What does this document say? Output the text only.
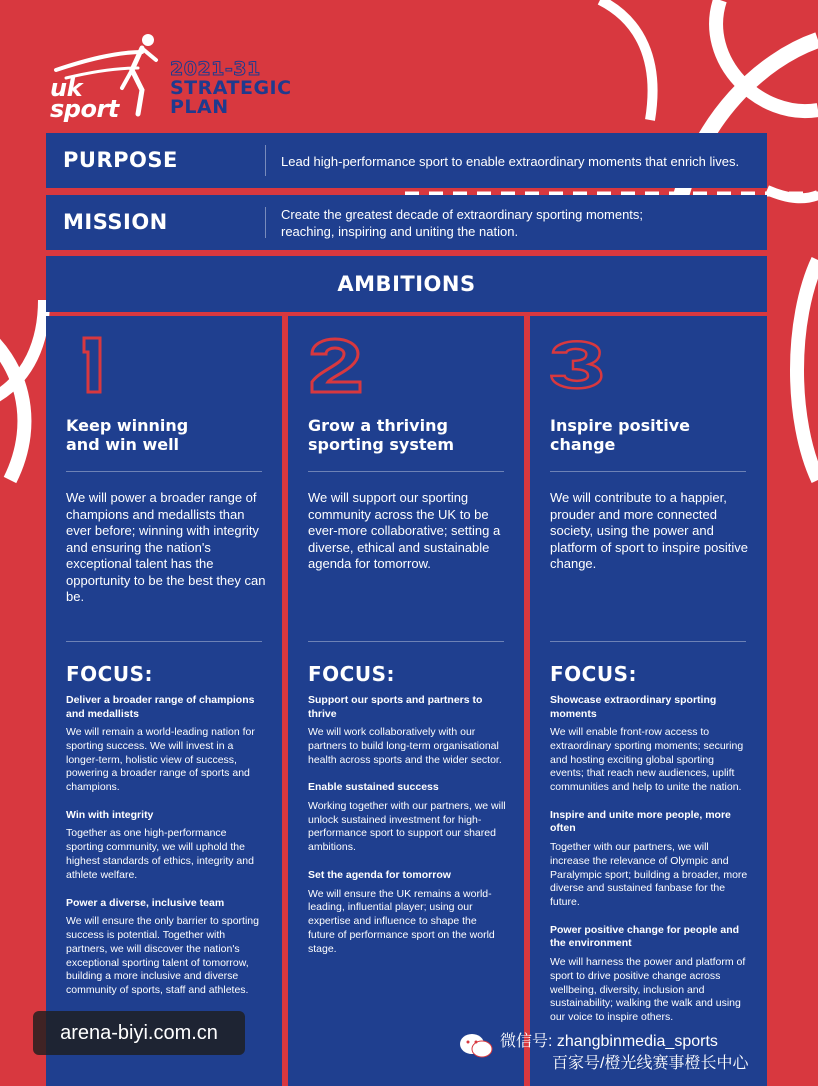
uk
sport
2021-31
STRATEGIC
PLAN
PURPOSE	Lead high-performance sport to enable extraordinary moments that enrich lives.
MISSION	Create the greatest decade of extraordinary sporting moments;
reaching, inspiring and uniting the nation.
AMBITIONS
Keep winning
and win well
We will power a broader range of champions and medallists than ever before; winning with integrity and ensuring the nation's exceptional talent has the opportunity to be the best they can be.
FOCUS:
Deliver a broader range of champions and medallists
We will remain a world-leading nation for sporting success. We will invest in a longer-term, holistic view of success, powering a broader range of sports and champions.
Win with integrity
Together as one high-performance sporting community, we will uphold the highest standards of ethics, integrity and athlete welfare.
Power a diverse, inclusive team
We will ensure the only barrier to sporting success is potential. Together with partners, we will discover the nation's exceptional sporting talent of tomorrow, building a more inclusive and diverse community of sports, staff and athletes.
Grow a thriving
sporting system
We will support our sporting community across the UK to be ever-more collaborative; setting a diverse, ethical and sustainable agenda for tomorrow.
FOCUS:
Support our sports and partners to thrive
We will work collaboratively with our partners to build long-term organisational health across sports and the wider sector.
Enable sustained success
Working together with our partners, we will unlock sustained investment for high-performance sport to support our shared ambitions.
Set the agenda for tomorrow
We will ensure the UK remains a world-leading, influential player; using our expertise and influence to shape the future of performance sport on the world stage.
Inspire positive
change
We will contribute to a happier, prouder and more connected society, using the power and platform of sport to inspire positive change.
FOCUS:
Showcase extraordinary sporting moments
We will enable front-row access to extraordinary sporting moments; securing and hosting exciting global sporting events; that reach new audiences, uplift communities and help to unite the nation.
Inspire and unite more people, more often
Together with our partners, we will increase the relevance of Olympic and Paralympic sport; building a broader, more diverse and sustained fanbase for the future.
Power positive change for people and the environment
We will harness the power and platform of sport to drive positive change across wellbeing, diversity, inclusion and sustainability; walking the walk and using our voice to inspire others.
arena-biyi.com.cn	微信号: zhangbinmedia_sports
百家号/橙光线赛事橙长中心
